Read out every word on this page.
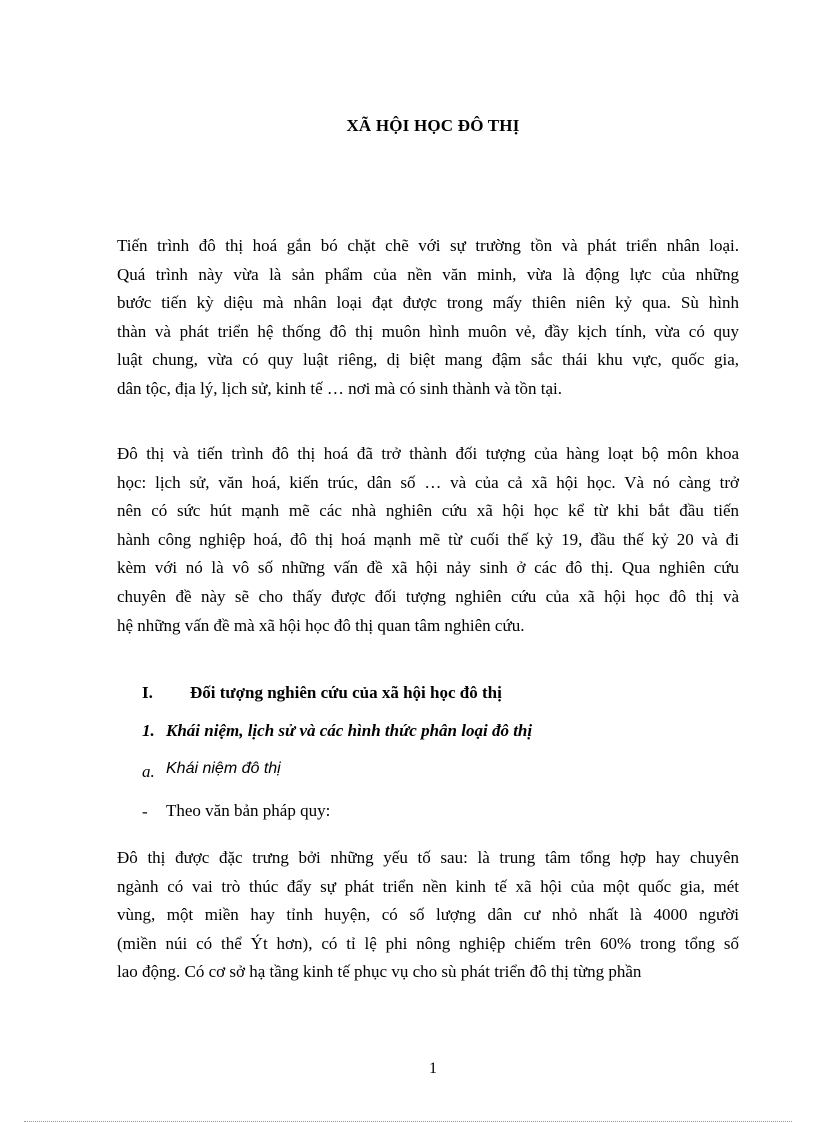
XÃ HỘI HỌC ĐÔ THỊ
Tiến trình đô thị hoá gắn bó chặt chẽ với sự trường tồn và phát triển nhân loại.
Quá trình này vừa là sản phẩm của nền văn minh, vừa là động lực của những
bước tiến kỳ diệu mà nhân loại đạt được trong mấy thiên niên kỷ qua. Sù hình
thàn và phát triển hệ thống đô thị muôn hình muôn vẻ, đầy kịch tính, vừa có quy
luật chung, vừa có quy luật riêng, dị biệt mang đậm sắc thái khu vực, quốc gia,
dân tộc, địa lý, lịch sử, kinh tế … nơi mà có sinh thành và tồn tại.
Đô thị và tiến trình đô thị hoá đã trở thành đối tượng của hàng loạt bộ môn khoa
học: lịch sử, văn hoá, kiến trúc, dân số … và của cả xã hội học. Và nó càng trở
nên có sức hút mạnh mẽ các nhà nghiên cứu xã hội học kể từ khi bắt đầu tiến
hành công nghiệp hoá, đô thị hoá mạnh mẽ từ cuối thế kỷ 19, đầu thế kỷ 20 và đi
kèm với nó là vô số những vấn đề xã hội nảy sinh ở các đô thị. Qua nghiên cứu
chuyên đề này sẽ cho thấy được đối tượng nghiên cứu của xã hội học đô thị và
hệ những vấn đề mà xã hội học đô thị quan tâm nghiên cứu.
I. Đối tượng nghiên cứu của xã hội học đô thị
1. Khái niệm, lịch sử và các hình thức phân loại đô thị
a. Khái niệm đô thị
- Theo văn bản pháp quy:
Đô thị được đặc trưng bởi những yếu tố sau: là trung tâm tổng hợp hay chuyên
ngành có vai trò thúc đẩy sự phát triển nền kinh tế xã hội của một quốc gia, mét
vùng, một miền hay tỉnh huyện, có số lượng dân cư nhỏ nhất là 4000 người
(miền núi có thể Ýt hơn), có tỉ lệ phi nông nghiệp chiếm trên 60% trong tổng số
lao động. Có cơ sở hạ tầng kinh tế phục vụ cho sù phát triển đô thị từng phần
1
